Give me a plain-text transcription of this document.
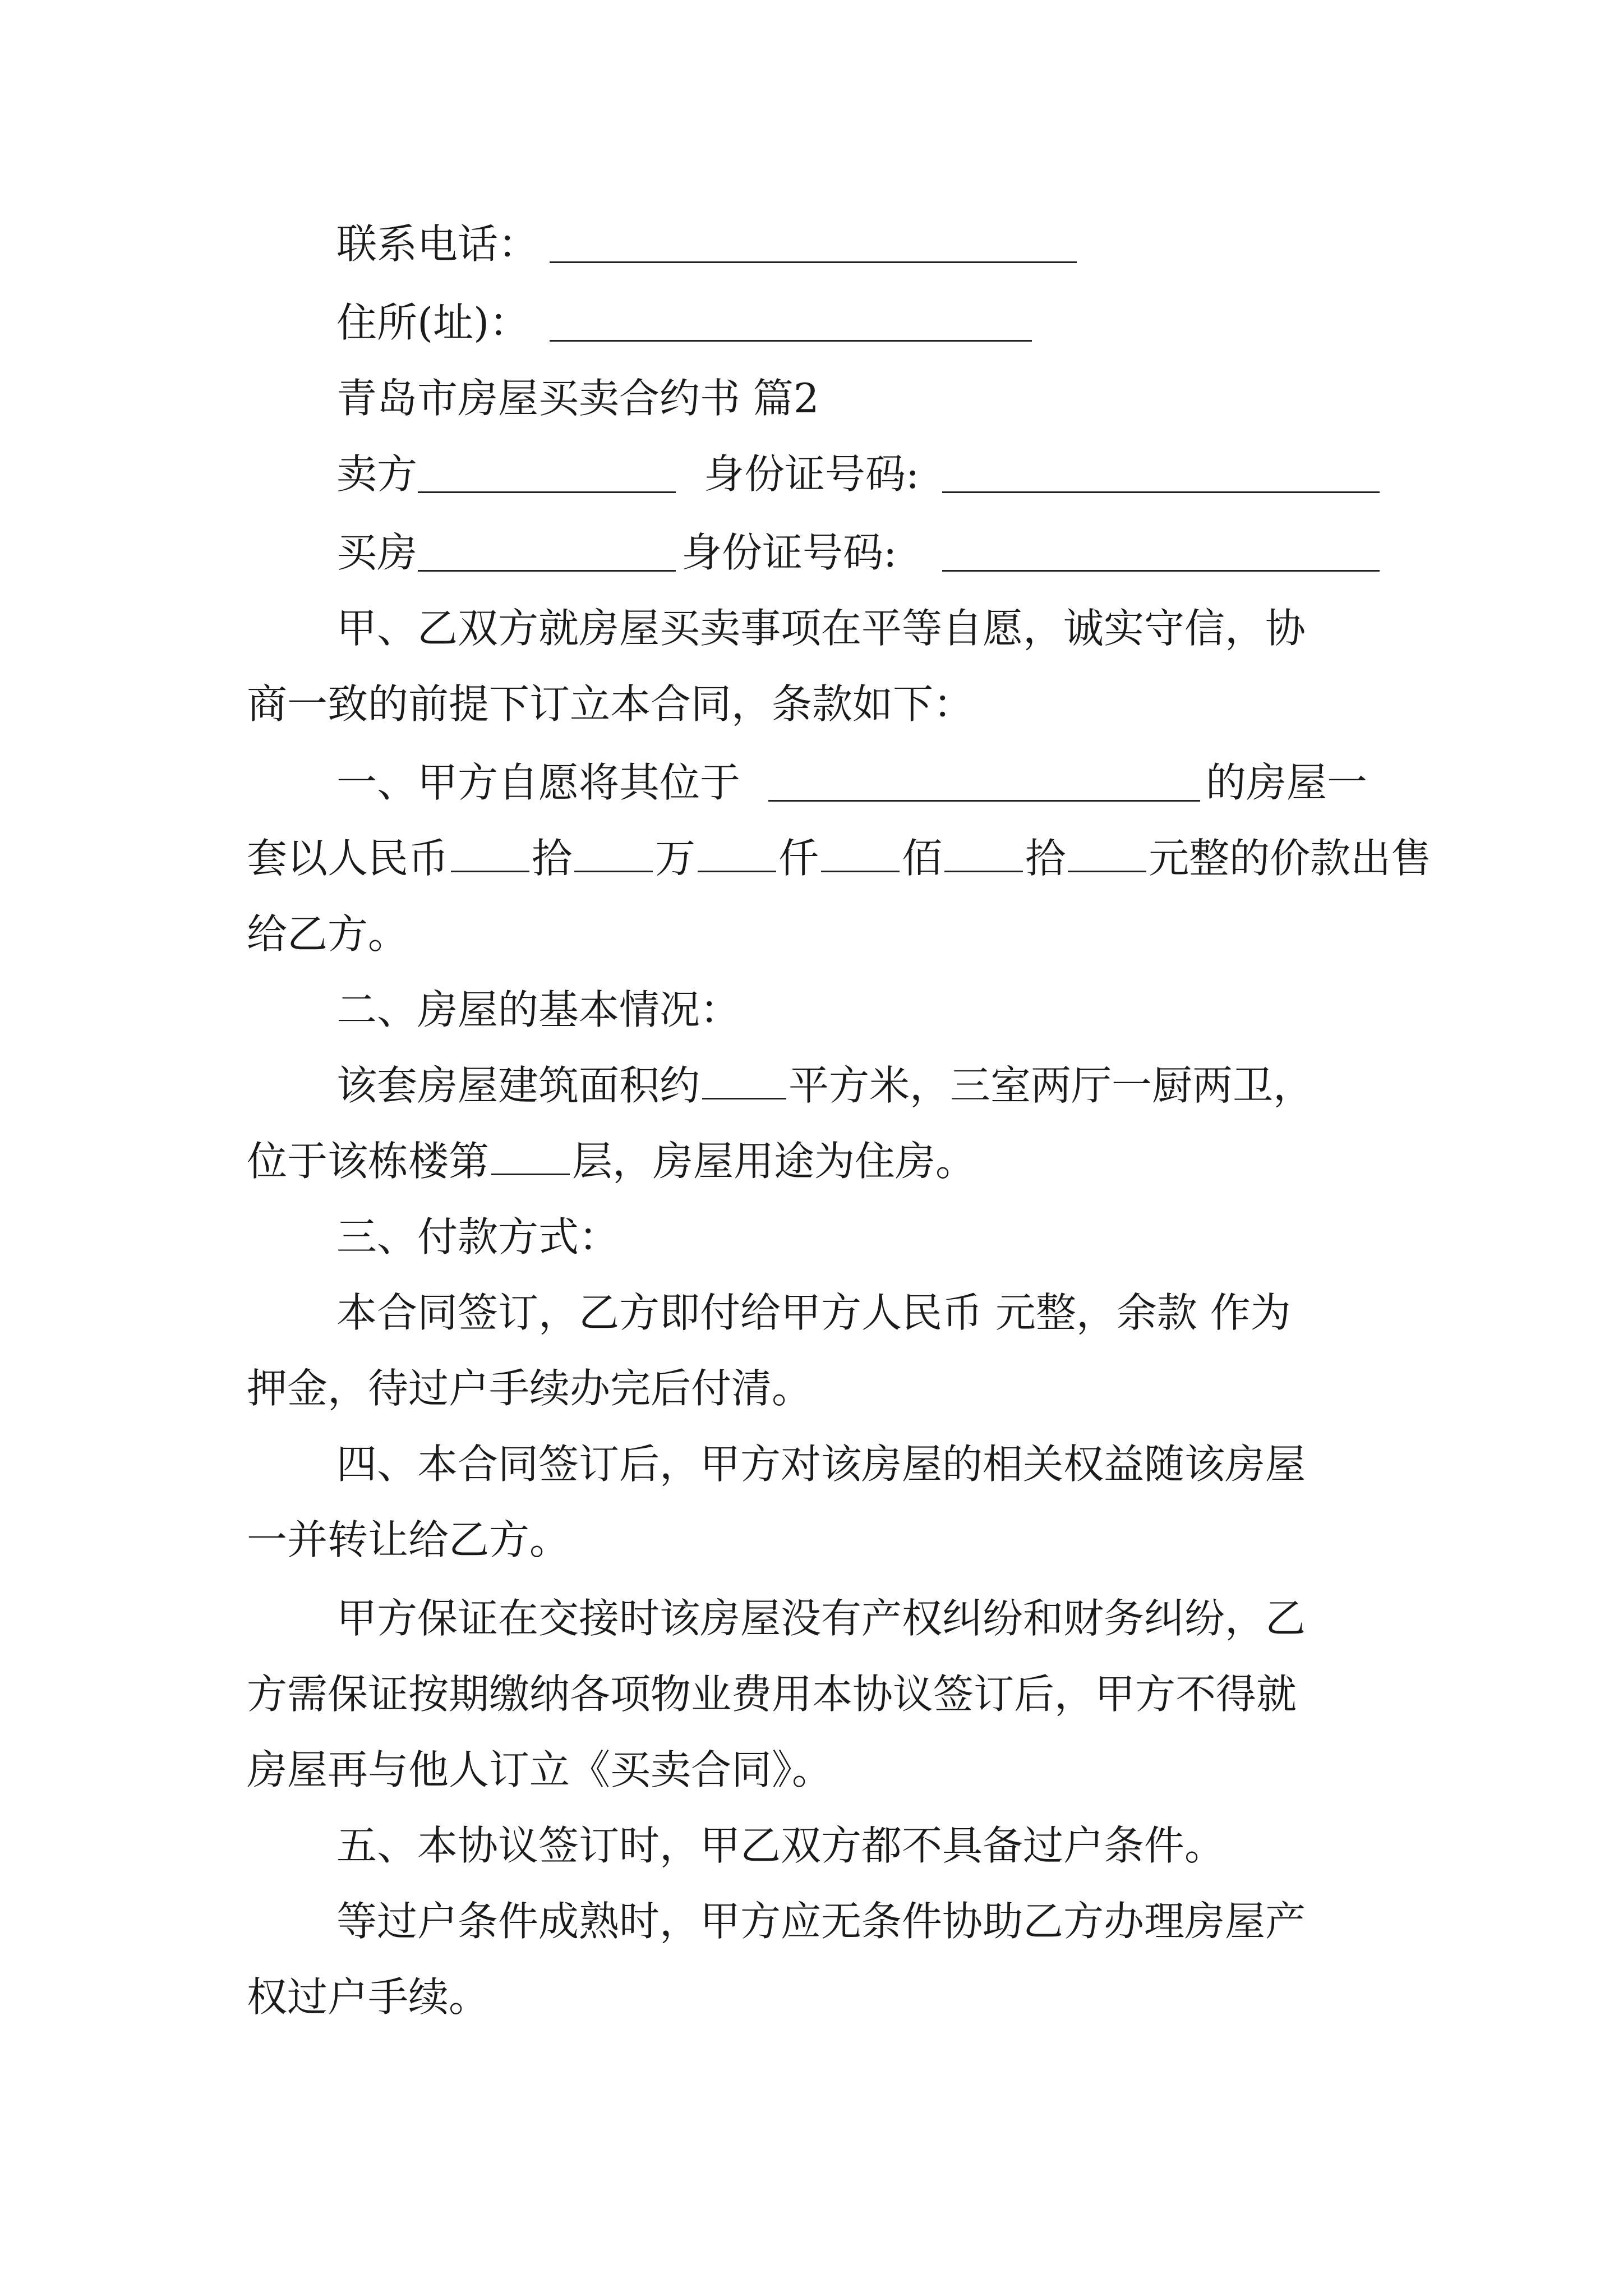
联系电话：
住所(址)：
青岛市房屋买卖合约书 篇2
卖方	身份证号码:
买房	身份证号码:
甲、乙双方就房屋买卖事项在平等自愿，诚实守信，协
商一致的前提下订立本合同，条款如下：
一、甲方自愿将其位于	的房屋一
套以人民币 拾 万 仟 佰 拾 元整的价款出售
给乙方。
二、房屋的基本情况：
该套房屋建筑面积约 平方米，三室两厅一厨两卫，
位于该栋楼第 层，房屋用途为住房。
三、付款方式：
本合同签订，乙方即付给甲方人民币 元整，余款 作为
押金，待过户手续办完后付清。
四、本合同签订后，甲方对该房屋的相关权益随该房屋
一并转让给乙方。
甲方保证在交接时该房屋没有产权纠纷和财务纠纷，乙
方需保证按期缴纳各项物业费用本协议签订后，甲方不得就
房屋再与他人订立《买卖合同》。
五、本协议签订时，甲乙双方都不具备过户条件。
等过户条件成熟时，甲方应无条件协助乙方办理房屋产
权过户手续。
